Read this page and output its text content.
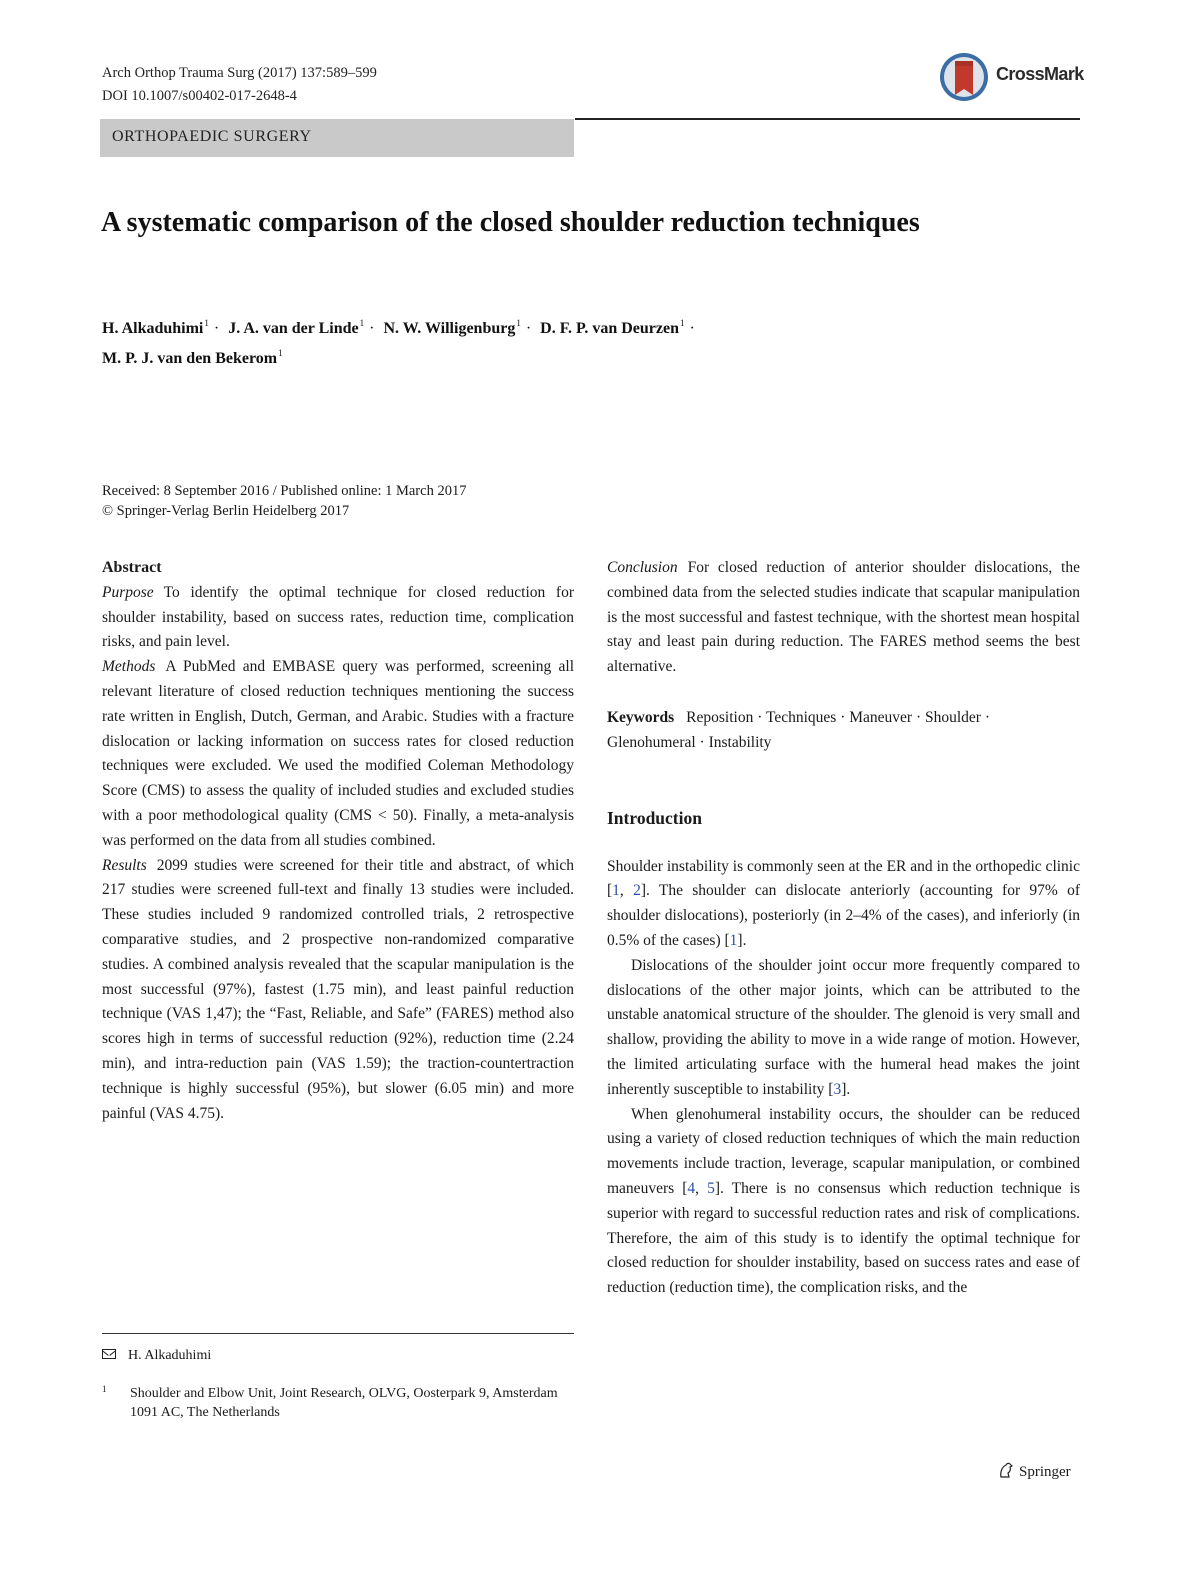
Arch Orthop Trauma Surg (2017) 137:589–599
DOI 10.1007/s00402-017-2648-4
CrossMark
ORTHOPAEDIC SURGERY
A systematic comparison of the closed shoulder reduction techniques
H. Alkaduhimi$^1$ · J. A. van der Linde$^1$ · N. W. Willigenburg$^1$ · D. F. P. van Deurzen$^1$ ·
M. P. J. van den Bekerom$^1$
Received: 8 September 2016 / Published online: 1 March 2017
© Springer-Verlag Berlin Heidelberg 2017

Abstract

Purpose To identify the optimal technique for closed reduction for shoulder instability, based on success rates, reduction time, complication risks, and pain level.

Methods A PubMed and EMBASE query was performed, screening all relevant literature of closed reduction techniques mentioning the success rate written in English, Dutch, German, and Arabic. Studies with a fracture dislocation or lacking information on success rates for closed reduction techniques were excluded. We used the modified Coleman Methodology Score (CMS) to assess the quality of included studies and excluded studies with a poor methodological quality (CMS < 50). Finally, a meta-analysis was performed on the data from all studies combined.

Results 2099 studies were screened for their title and abstract, of which 217 studies were screened full-text and finally 13 studies were included. These studies included 9 randomized controlled trials, 2 retrospective comparative studies, and 2 prospective non-randomized comparative studies. A combined analysis revealed that the scapular manipulation is the most successful (97%), fastest (1.75 min), and least painful reduction technique (VAS 1,47); the “Fast, Reliable, and Safe” (FARES) method also scores high in terms of successful reduction (92%), reduction time (2.24 min), and intra-reduction pain (VAS 1.59); the traction-countertraction technique is highly successful (95%), but slower (6.05 min) and more painful (VAS 4.75).

Conclusion For closed reduction of anterior shoulder dislocations, the combined data from the selected studies indicate that scapular manipulation is the most successful and fastest technique, with the shortest mean hospital stay and least pain during reduction. The FARES method seems the best alternative.

Keywords Reposition · Techniques · Maneuver · Shoulder · Glenohumeral · Instability

Introduction

Shoulder instability is commonly seen at the ER and in the orthopedic clinic [1, 2]. The shoulder can dislocate anteriorly (accounting for 97% of shoulder dislocations), posteriorly (in 2–4% of the cases), and inferiorly (in 0.5% of the cases) [1].

Dislocations of the shoulder joint occur more frequently compared to dislocations of the other major joints, which can be attributed to the unstable anatomical structure of the shoulder. The glenoid is very small and shallow, providing the ability to move in a wide range of motion. However, the limited articulating surface with the humeral head makes the joint inherently susceptible to instability [3].

When glenohumeral instability occurs, the shoulder can be reduced using a variety of closed reduction techniques of which the main reduction movements include traction, leverage, scapular manipulation, or combined maneuvers [4, 5]. There is no consensus which reduction technique is superior with regard to successful reduction rates and risk of complications. Therefore, the aim of this study is to identify the optimal technique for closed reduction for shoulder instability, based on success rates and ease of reduction (reduction time), the complication risks, and the

H. Alkaduhimi
1 Shoulder and Elbow Unit, Joint Research, OLVG, Oosterpark 9, Amsterdam 1091 AC, The Netherlands
Springer
